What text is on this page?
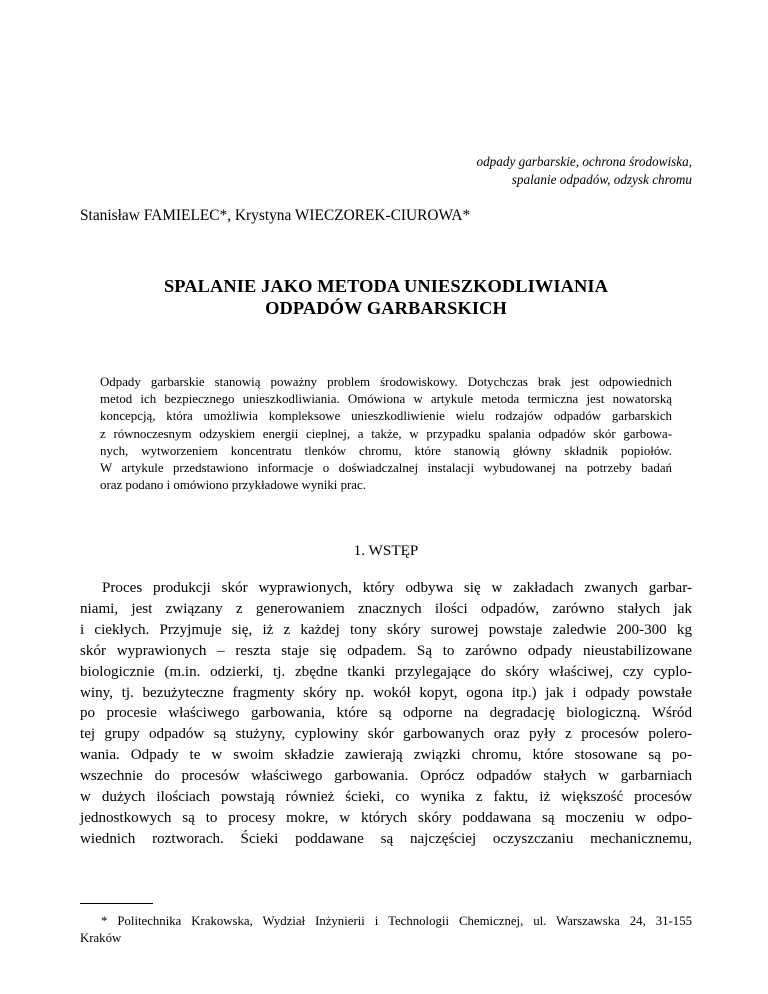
odpady garbarskie, ochrona środowiska,
spalanie odpadów, odzysk chromu
Stanisław FAMIELEC*, Krystyna WIECZOREK-CIUROWA*
SPALANIE JAKO METODA UNIESZKODLIWIANIA
ODPADÓW GARBARSKICH
Odpady garbarskie stanowią poważny problem środowiskowy. Dotychczas brak jest odpowiednich
metod ich bezpiecznego unieszkodliwiania. Omówiona w artykule metoda termiczna jest nowatorską
koncepcją, która umożliwia kompleksowe unieszkodliwienie wielu rodzajów odpadów garbarskich
z równoczesnym odzyskiem energii cieplnej, a także, w przypadku spalania odpadów skór garbowa-
nych, wytworzeniem koncentratu tlenków chromu, które stanowią główny składnik popiołów.
W artykule przedstawiono informacje o doświadczalnej instalacji wybudowanej na potrzeby badań
oraz podano i omówiono przykładowe wyniki prac.
1. WSTĘP
Proces produkcji skór wyprawionych, który odbywa się w zakładach zwanych garbar-
niami, jest związany z generowaniem znacznych ilości odpadów, zarówno stałych jak
i ciekłych. Przyjmuje się, iż z każdej tony skóry surowej powstaje zaledwie 200-300 kg
skór wyprawionych – reszta staje się odpadem. Są to zarówno odpady nieustabilizowane
biologicznie (m.in. odzierki, tj. zbędne tkanki przylegające do skóry właściwej, czy cyplo-
winy, tj. bezużyteczne fragmenty skóry np. wokół kopyt, ogona itp.) jak i odpady powstałe
po procesie właściwego garbowania, które są odporne na degradację biologiczną. Wśród
tej grupy odpadów są stużyny, cyplowiny skór garbowanych oraz pyły z procesów polero-
wania. Odpady te w swoim składzie zawierają związki chromu, które stosowane są po-
wszechnie do procesów właściwego garbowania. Oprócz odpadów stałych w garbarniach
w dużych ilościach powstają również ścieki, co wynika z faktu, iż większość procesów
jednostkowych są to procesy mokre, w których skóry poddawana są moczeniu w odpo-
wiednich roztworach. Ścieki poddawane są najczęściej oczyszczaniu mechanicznemu,
* Politechnika Krakowska, Wydział Inżynierii i Technologii Chemicznej, ul. Warszawska 24, 31-155
Kraków
